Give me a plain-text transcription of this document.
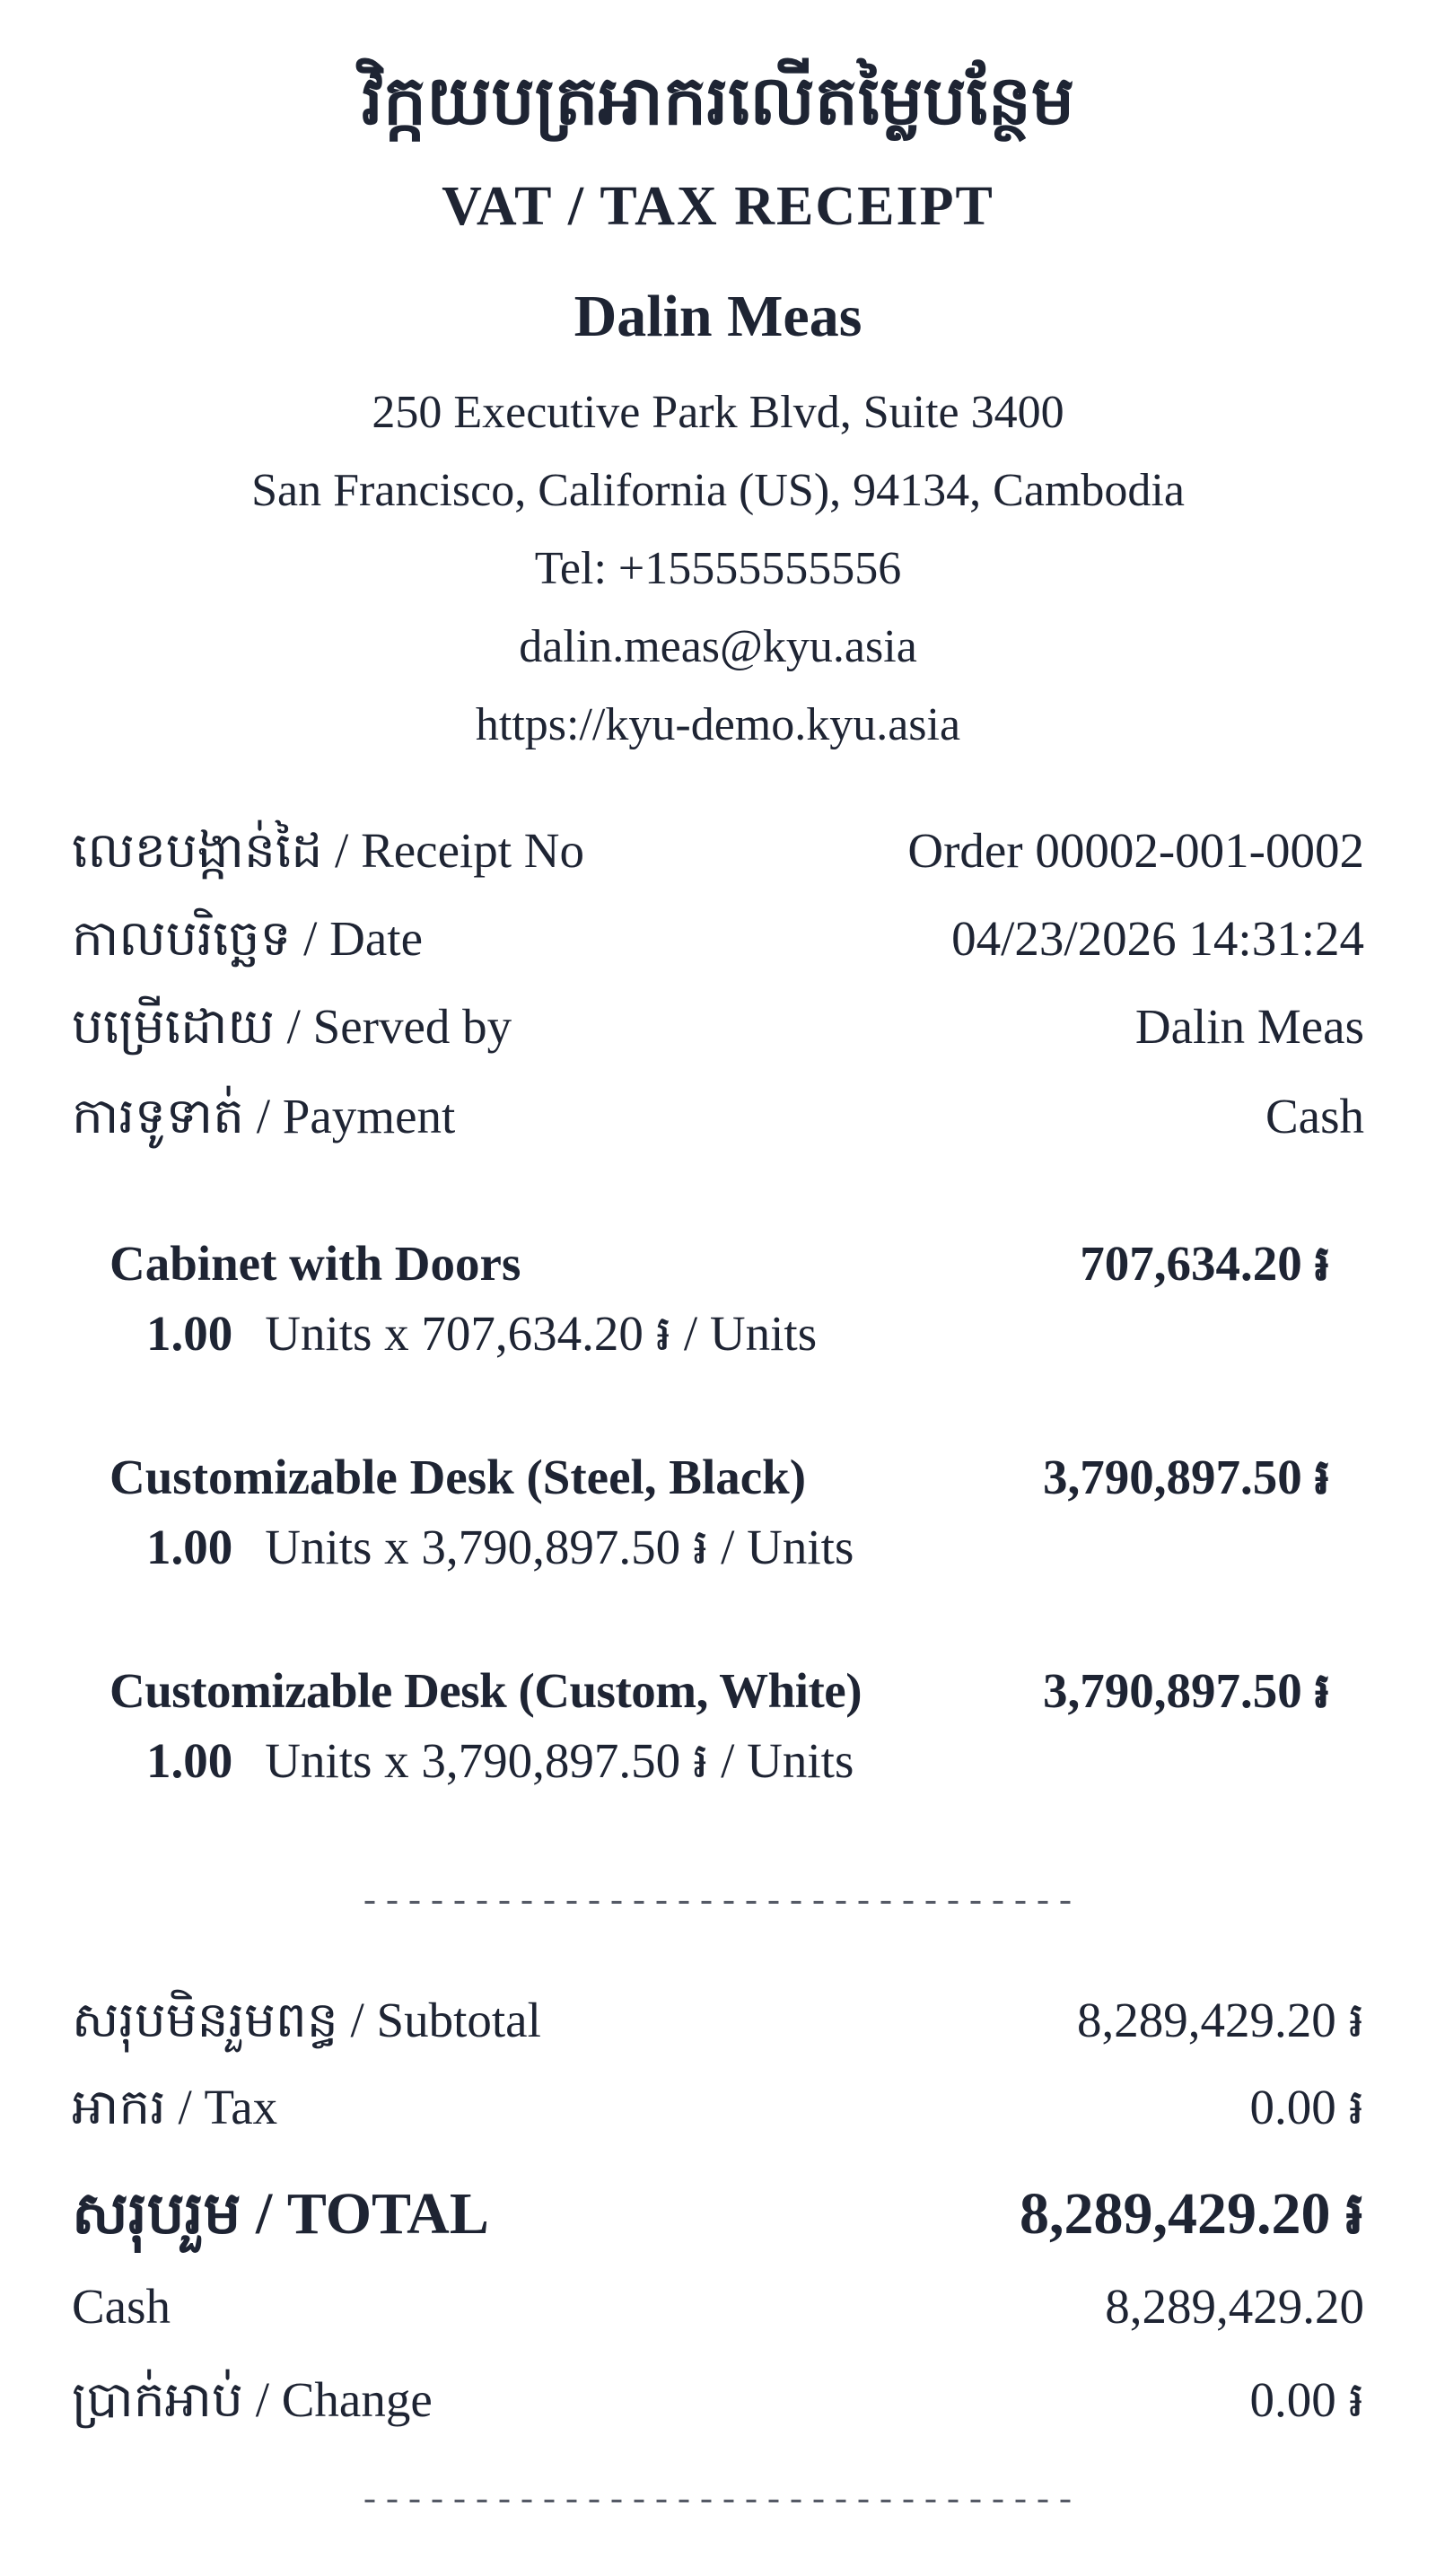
វិក្កយបត្រអាករលើតម្លៃបន្ថែម
VAT / TAX RECEIPT
Dalin Meas
250 Executive Park Blvd, Suite 3400
San Francisco, California (US), 94134, Cambodia
Tel: +15555555556
dalin.meas@kyu.asia
https://kyu-demo.kyu.asia
លេខបង្កាន់ដៃ / Receipt No	Order 00002-001-0002
កាលបរិច្ឆេទ / Date	04/23/2026 14:31:24
បម្រើដោយ / Served by	Dalin Meas
ការទូទាត់ / Payment	Cash
Cabinet with Doors	707,634.20 ៛
1.00 Units x 707,634.20 ៛ / Units
Customizable Desk (Steel, Black)	3,790,897.50 ៛
1.00 Units x 3,790,897.50 ៛ / Units
Customizable Desk (Custom, White)	3,790,897.50 ៛
1.00 Units x 3,790,897.50 ៛ / Units
--------------------------------
សរុបមិនរួមពន្ធ / Subtotal	8,289,429.20 ៛
អាករ / Tax	0.00 ៛
សរុបរួម / TOTAL	8,289,429.20 ៛
Cash	8,289,429.20
ប្រាក់អាប់ / Change	0.00 ៛
--------------------------------
